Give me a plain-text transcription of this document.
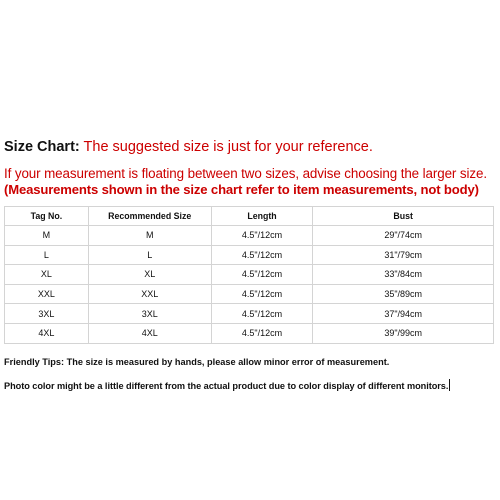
Size Chart: The suggested size is just for your reference.
If your measurement is floating between two sizes, advise choosing the larger size.
(Measurements shown in the size chart refer to item measurements, not body)
Tag No.	Recommended Size	Length	Bust
M	M	4.5"/12cm	29"/74cm
L	L	4.5"/12cm	31"/79cm
XL	XL	4.5"/12cm	33"/84cm
XXL	XXL	4.5"/12cm	35"/89cm
3XL	3XL	4.5"/12cm	37"/94cm
4XL	4XL	4.5"/12cm	39"/99cm
Friendly Tips: The size is measured by hands, please allow minor error of measurement.
Photo color might be a little different from the actual product due to color display of different monitors.
